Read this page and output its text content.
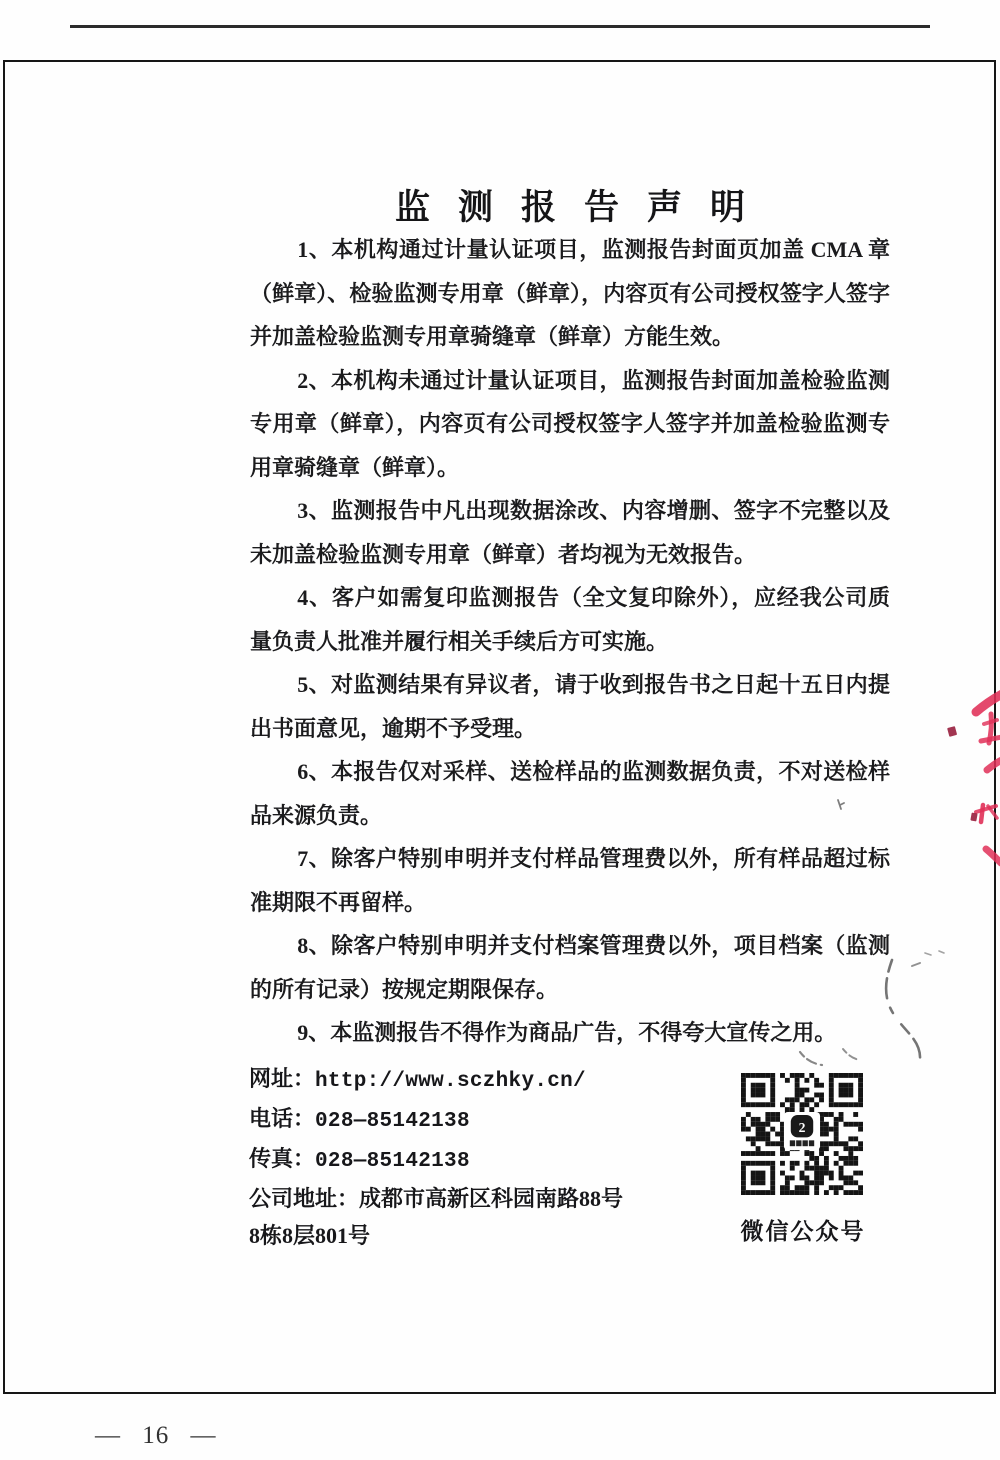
监测报告声明

1、本机构通过计量认证项目，监测报告封面页加盖 CMA 章（鲜章）、检验监测专用章（鲜章），内容页有公司授权签字人签字并加盖检验监测专用章骑缝章（鲜章）方能生效。

2、本机构未通过计量认证项目，监测报告封面加盖检验监测专用章（鲜章），内容页有公司授权签字人签字并加盖检验监测专用章骑缝章（鲜章）。

3、监测报告中凡出现数据涂改、内容增删、签字不完整以及未加盖检验监测专用章（鲜章）者均视为无效报告。

4、客户如需复印监测报告（全文复印除外），应经我公司质量负责人批准并履行相关手续后方可实施。

5、对监测结果有异议者，请于收到报告书之日起十五日内提出书面意见，逾期不予受理。

6、本报告仅对采样、送检样品的监测数据负责，不对送检样品来源负责。

7、除客户特别申明并支付样品管理费以外，所有样品超过标准期限不再留样。

8、除客户特别申明并支付档案管理费以外，项目档案（监测的所有记录）按规定期限保存。

9、本监测报告不得作为商品广告，不得夸大宣传之用。

网址：http://www.sczhky.cn/
电话：028—85142138
传真：028—85142138
公司地址：成都市高新区科园南路88号
8栋8层801号
2
微信公众号
— 16 —
